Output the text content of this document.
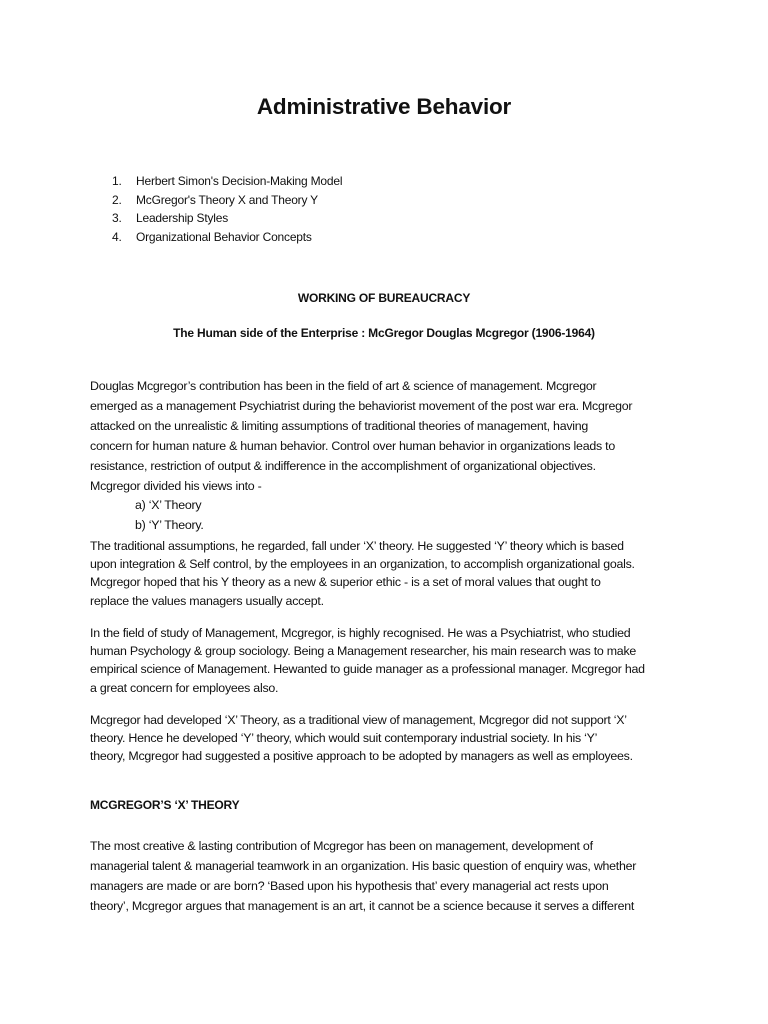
Administrative Behavior
1. Herbert Simon's Decision-Making Model
2. McGregor's Theory X and Theory Y
3. Leadership Styles
4. Organizational Behavior Concepts
WORKING OF BUREAUCRACY
The Human side of the Enterprise : McGregor Douglas Mcgregor (1906-1964)

Douglas Mcgregor’s contribution has been in the field of art & science of management. Mcgregor
emerged as a management Psychiatrist during the behaviorist movement of the post war era. Mcgregor
attacked on the unrealistic & limiting assumptions of traditional theories of management, having
concern for human nature & human behavior. Control over human behavior in organizations leads to
resistance, restriction of output & indifference in the accomplishment of organizational objectives.
Mcgregor divided his views into -

a) ‘X’ Theory
b) ‘Y’ Theory.

The traditional assumptions, he regarded, fall under ‘X’ theory. He suggested ‘Y’ theory which is based
upon integration & Self control, by the employees in an organization, to accomplish organizational goals.
Mcgregor hoped that his Y theory as a new & superior ethic - is a set of moral values that ought to
replace the values managers usually accept.

In the field of study of Management, Mcgregor, is highly recognised. He was a Psychiatrist, who studied
human Psychology & group sociology. Being a Management researcher, his main research was to make
empirical science of Management. Hewanted to guide manager as a professional manager. Mcgregor had
a great concern for employees also.

Mcgregor had developed ‘X’ Theory, as a traditional view of management, Mcgregor did not support ‘X’
theory. Hence he developed ‘Y’ theory, which would suit contemporary industrial society. In his ‘Y’
theory, Mcgregor had suggested a positive approach to be adopted by managers as well as employees.

MCGREGOR’S ‘X’ THEORY

The most creative & lasting contribution of Mcgregor has been on management, development of
managerial talent & managerial teamwork in an organization. His basic question of enquiry was, whether
managers are made or are born? ‘Based upon his hypothesis that’ every managerial act rests upon
theory’, Mcgregor argues that management is an art, it cannot be a science because it serves a different
